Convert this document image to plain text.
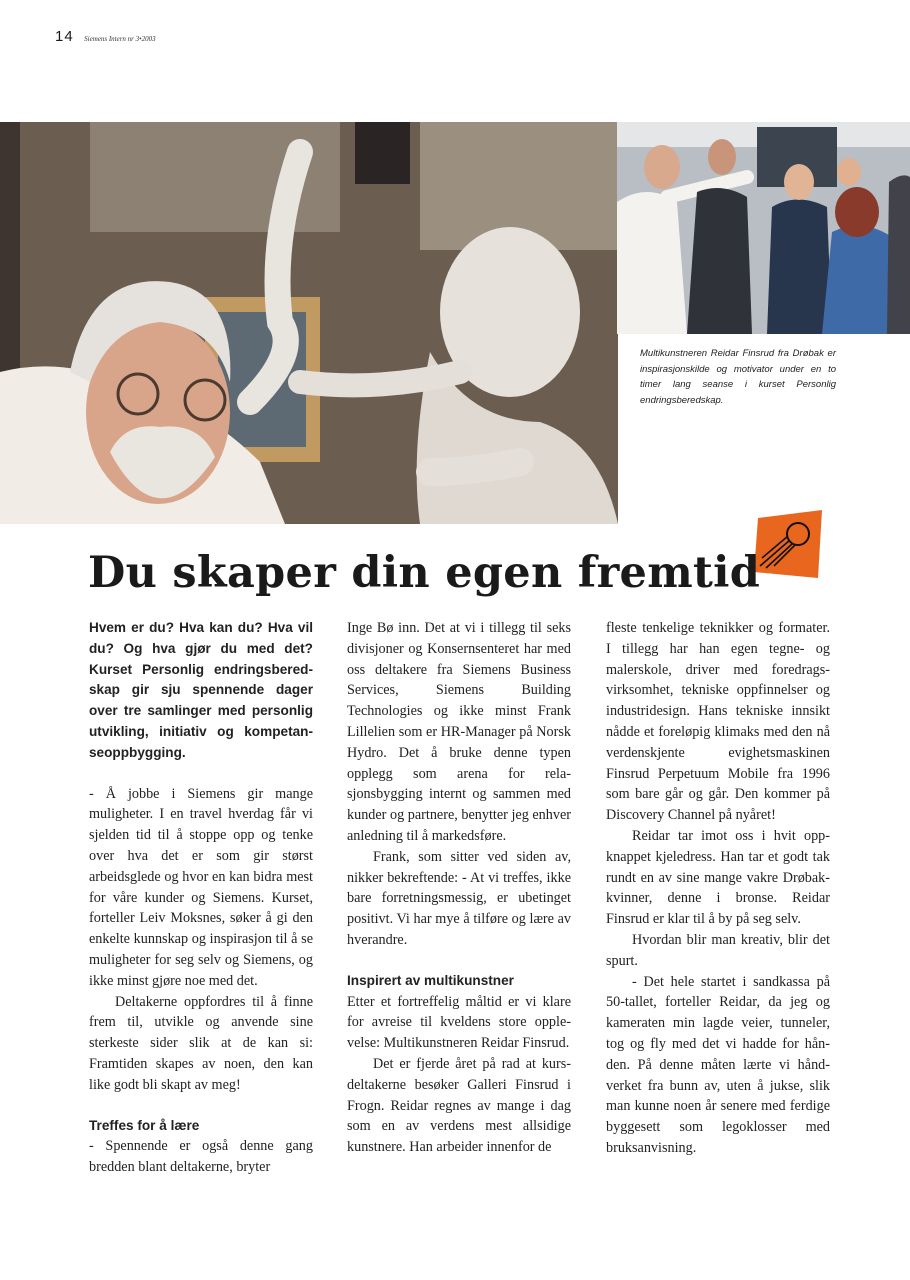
14 Siemens Intern nr 3•2003
Multikunstneren Reidar Finsrud fra Drøbak er inspirasjonskilde og motivator under en to timer lang seanse i kurset Personlig endringsberedskap.
Du skaper din egen fremtid

Hvem er du? Hva kan du? Hva vil du? Og hva gjør du med det? Kurset Personlig endringsberedskap gir sju spennende dager over tre samlinger med personlig utvikling, initiativ og kompetanseoppbygging.

- Å jobbe i Siemens gir mange muligheter. I en travel hverdag får vi sjelden tid til å stoppe opp og tenke over hva det er som gir størst arbeidsglede og hvor en kan bidra mest for våre kunder og Siemens. Kurset, forteller Leiv Moksnes, søker å gi den enkelte kunnskap og inspirasjon til å se muligheter for seg selv og Siemens, og ikke minst gjøre noe med det.

Deltakerne oppfordres til å finne frem til, utvikle og anvende sine sterkeste sider slik at de kan si: Framtiden skapes av noen, den kan like godt bli skapt av meg!

Treffes for å lære

- Spennende er også denne gang bredden blant deltakerne, bryter

Inge Bø inn. Det at vi i tillegg til seks divisjoner og Konsernsenteret har med oss deltakere fra Siemens Business Services, Siemens Building Technologies og ikke minst Frank Lillelien som er HR-Manager på Norsk Hydro. Det å bruke denne typen opplegg som arena for relasjonsbygging internt og sammen med kunder og partnere, benytter jeg enhver anledning til å markedsføre.

Frank, som sitter ved siden av, nikker bekreftende: - At vi treffes, ikke bare forretningsmessig, er ubetinget positivt. Vi har mye å tilføre og lære av hverandre.

Inspirert av multikunstner

Etter et fortreffelig måltid er vi klare for avreise til kveldens store opplevelse: Multikunstneren Reidar Finsrud.

Det er fjerde året på rad at kursdeltakerne besøker Galleri Finsrud i Frogn. Reidar regnes av mange i dag som en av verdens mest allsidige kunstnere. Han arbeider innenfor de

fleste tenkelige teknikker og formater. I tillegg har han egen tegne- og malerskole, driver med foredragsvirksomhet, tekniske oppfinnelser og industridesign. Hans tekniske innsikt nådde et foreløpig klimaks med den nå verdenskjente evighetsmaskinen Finsrud Perpetuum Mobile fra 1996 som bare går og går. Den kommer på Discovery Channel på nyåret!

Reidar tar imot oss i hvit oppknappet kjeledress. Han tar et godt tak rundt en av sine mange vakre Drøbak-kvinner, denne i bronse. Reidar Finsrud er klar til å by på seg selv.

Hvordan blir man kreativ, blir det spurt.

- Det hele startet i sandkassa på 50-tallet, forteller Reidar, da jeg og kameraten min lagde veier, tunneler, tog og fly med det vi hadde for hånden. På denne måten lærte vi håndverket fra bunn av, uten å jukse, slik man kunne noen år senere med ferdige byggesett som legoklosser med bruksanvisning.
